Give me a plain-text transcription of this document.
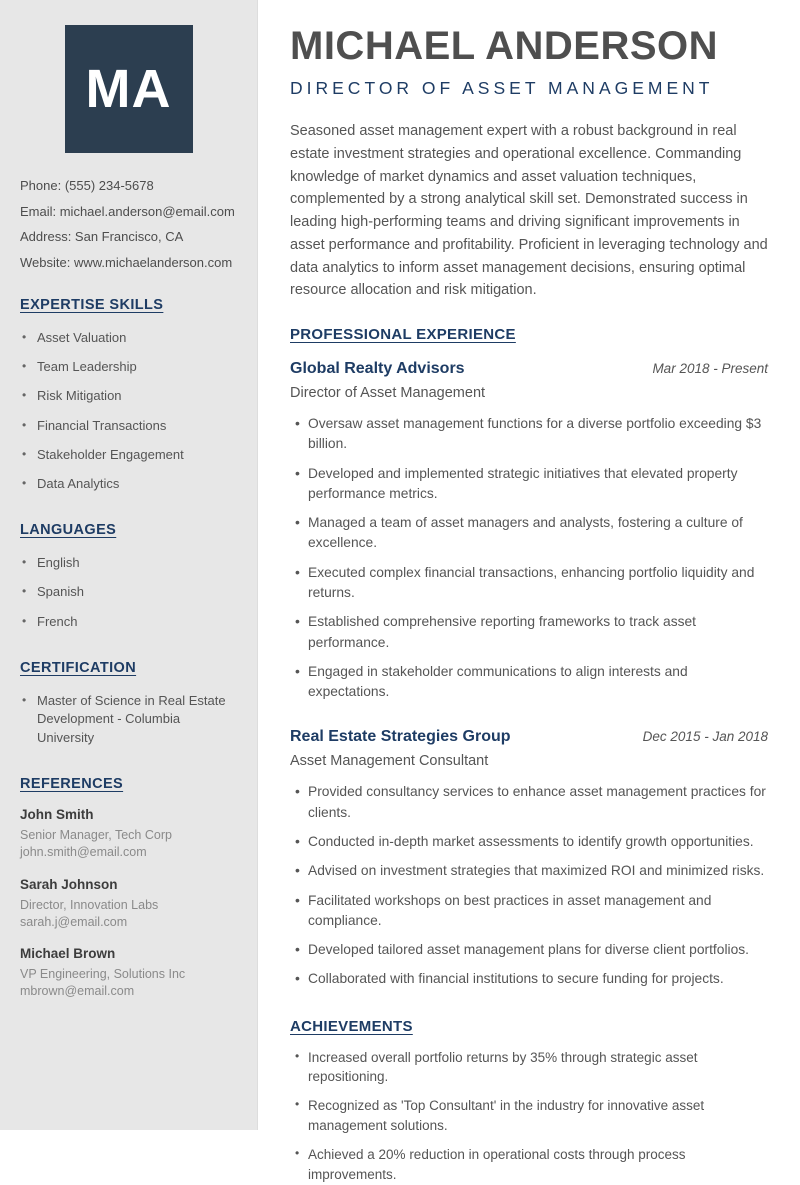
MA
Phone: (555) 234-5678
Email: michael.anderson@email.com
Address: San Francisco, CA
Website: www.michaelanderson.com
EXPERTISE SKILLS
• Asset Valuation
• Team Leadership
• Risk Mitigation
• Financial Transactions
• Stakeholder Engagement
• Data Analytics
LANGUAGES
• English
• Spanish
• French
CERTIFICATION
• Master of Science in Real Estate Development - Columbia University
REFERENCES
John Smith
Senior Manager, Tech Corp
john.smith@email.com
Sarah Johnson
Director, Innovation Labs
sarah.j@email.com
Michael Brown
VP Engineering, Solutions Inc
mbrown@email.com
MICHAEL ANDERSON
DIRECTOR OF ASSET MANAGEMENT

Seasoned asset management expert with a robust background in real estate investment strategies and operational excellence. Commanding knowledge of market dynamics and asset valuation techniques, complemented by a strong analytical skill set. Demonstrated success in leading high-performing teams and driving significant improvements in asset performance and profitability. Proficient in leveraging technology and data analytics to inform asset management decisions, ensuring optimal resource allocation and risk mitigation.

PROFESSIONAL EXPERIENCE
Global Realty Advisors	Mar 2018 - Present
Director of Asset Management
• Oversaw asset management functions for a diverse portfolio exceeding $3 billion.
• Developed and implemented strategic initiatives that elevated property performance metrics.
• Managed a team of asset managers and analysts, fostering a culture of excellence.
• Executed complex financial transactions, enhancing portfolio liquidity and returns.
• Established comprehensive reporting frameworks to track asset performance.
• Engaged in stakeholder communications to align interests and expectations.
Real Estate Strategies Group	Dec 2015 - Jan 2018
Asset Management Consultant
• Provided consultancy services to enhance asset management practices for clients.
• Conducted in-depth market assessments to identify growth opportunities.
• Advised on investment strategies that maximized ROI and minimized risks.
• Facilitated workshops on best practices in asset management and compliance.
• Developed tailored asset management plans for diverse client portfolios.
• Collaborated with financial institutions to secure funding for projects.
ACHIEVEMENTS
• Increased overall portfolio returns by 35% through strategic asset repositioning.
• Recognized as 'Top Consultant' in the industry for innovative asset management solutions.
• Achieved a 20% reduction in operational costs through process improvements.
